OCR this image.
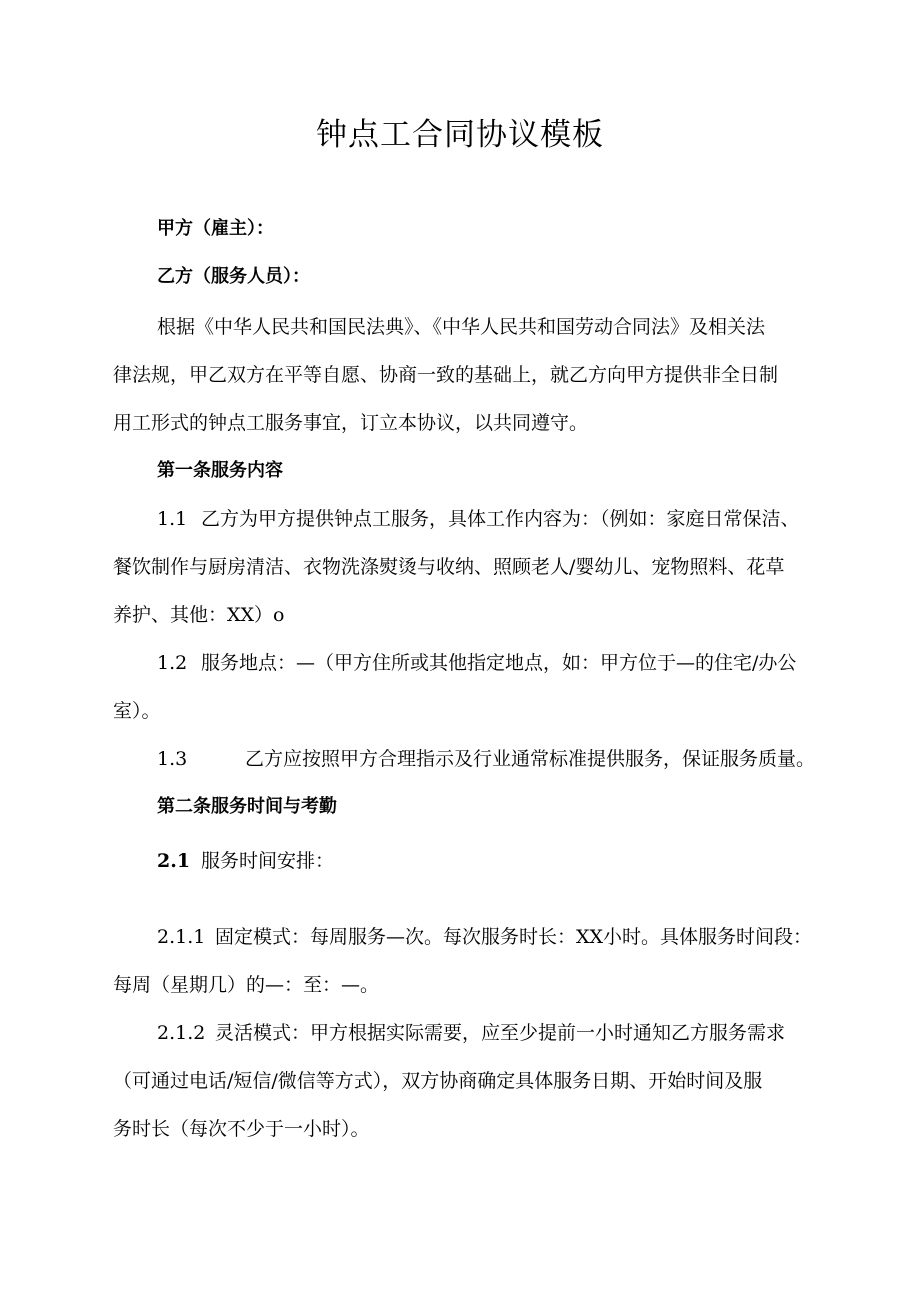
钟点工合同协议模板
甲方（雇主）：
乙方（服务人员）：
根据《中华人民共和国民法典》、《中华人民共和国劳动合同法》及相关法
律法规，甲乙双方在平等自愿、协商一致的基础上，就乙方向甲方提供非全日制
用工形式的钟点工服务事宜，订立本协议，以共同遵守。
第一条服务内容
1.1 乙方为甲方提供钟点工服务，具体工作内容为：（例如：家庭日常保洁、
餐饮制作与厨房清洁、衣物洗涤熨烫与收纳、照顾老人/婴幼儿、宠物照料、花草
养护、其他：XX）o
1.2 服务地点：—（甲方住所或其他指定地点，如：甲方位于—的住宅/办公
室）。
1.3	乙方应按照甲方合理指示及行业通常标准提供服务，保证服务质量。
第二条服务时间与考勤
2.1 服务时间安排：
2.1.1 固定模式：每周服务—次。每次服务时长：XX小时。具体服务时间段：
每周（星期几）的—：至：—。
2.1.2 灵活模式：甲方根据实际需要，应至少提前一小时通知乙方服务需求
（可通过电话/短信/微信等方式），双方协商确定具体服务日期、开始时间及服
务时长（每次不少于一小时）。
